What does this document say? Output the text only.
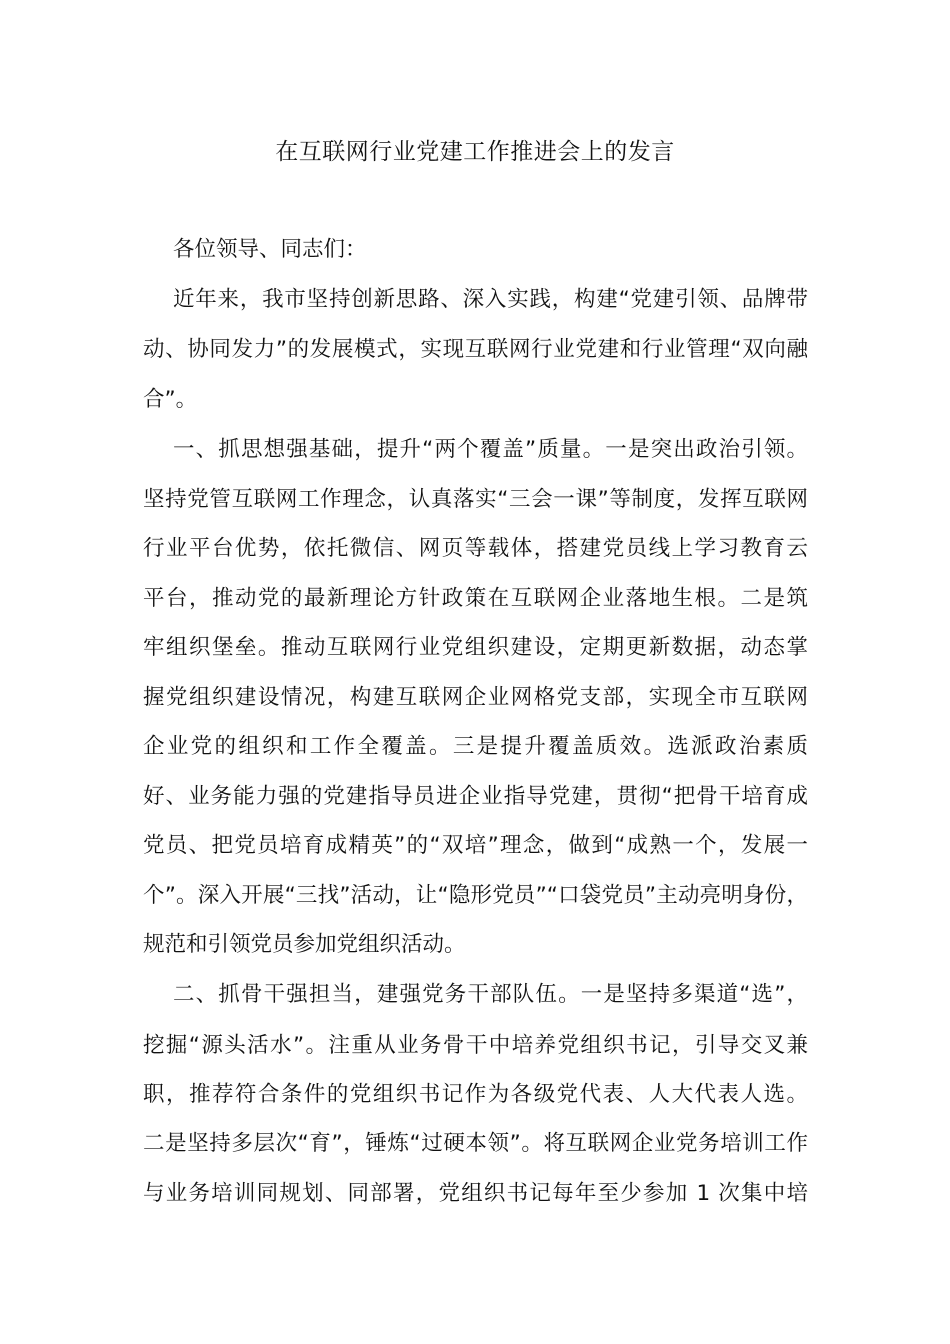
在互联网行业党建工作推进会上的发言
各位领导、同志们：
近年来，我市坚持创新思路、深入实践，构建“党建引领、品牌带
动、协同发力”的发展模式，实现互联网行业党建和行业管理“双向融
合”。
一、抓思想强基础，提升“两个覆盖”质量。一是突出政治引领。
坚持党管互联网工作理念，认真落实“三会一课”等制度，发挥互联网
行业平台优势，依托微信、网页等载体，搭建党员线上学习教育云
平台，推动党的最新理论方针政策在互联网企业落地生根。二是筑
牢组织堡垒。推动互联网行业党组织建设，定期更新数据，动态掌
握党组织建设情况，构建互联网企业网格党支部，实现全市互联网
企业党的组织和工作全覆盖。三是提升覆盖质效。选派政治素质
好、业务能力强的党建指导员进企业指导党建，贯彻“把骨干培育成
党员、把党员培育成精英”的“双培”理念，做到“成熟一个，发展一
个”。深入开展“三找”活动，让“隐形党员”“口袋党员”主动亮明身份，
规范和引领党员参加党组织活动。
二、抓骨干强担当，建强党务干部队伍。一是坚持多渠道“选”，
挖掘“源头活水”。注重从业务骨干中培养党组织书记，引导交叉兼
职，推荐符合条件的党组织书记作为各级党代表、人大代表人选。
二是坚持多层次“育”，锤炼“过硬本领”。将互联网企业党务培训工作
与业务培训同规划、同部署，党组织书记每年至少参加 1 次集中培
